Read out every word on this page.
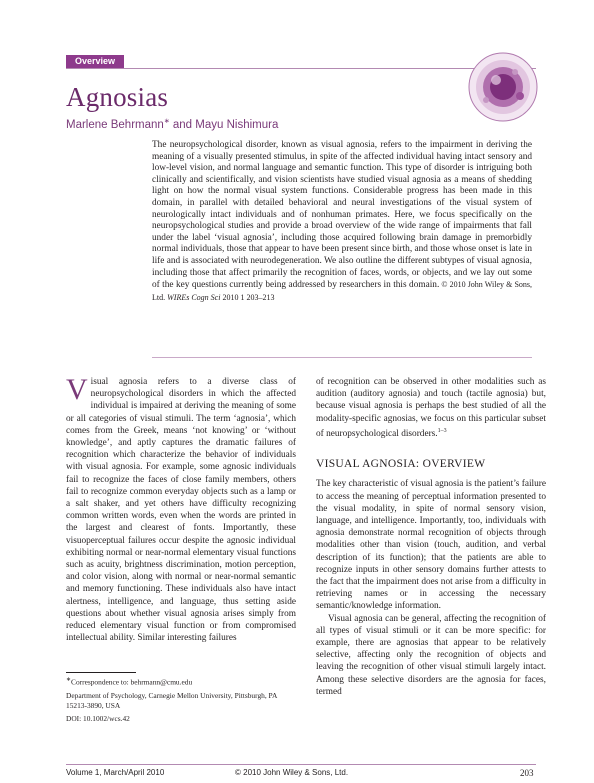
Overview
Agnosias
Marlene Behrmann∗ and Mayu Nishimura

The neuropsychological disorder, known as visual agnosia, refers to the impairment in deriving the meaning of a visually presented stimulus, in spite of the affected individual having intact sensory and low-level vision, and normal language and semantic function. This type of disorder is intriguing both clinically and scientifically, and vision scientists have studied visual agnosia as a means of shedding light on how the normal visual system functions. Considerable progress has been made in this domain, in parallel with detailed behavioral and neural investigations of the visual system of neurologically intact individuals and of nonhuman primates. Here, we focus specifically on the neuropsychological studies and provide a broad overview of the wide range of impairments that fall under the label ‘visual agnosia’, including those acquired following brain damage in premorbidly normal individuals, those that appear to have been present since birth, and those whose onset is late in life and is associated with neurodegeneration. We also outline the different subtypes of visual agnosia, including those that affect primarily the recognition of faces, words, or objects, and we lay out some of the key questions currently being addressed by researchers in this domain. © 2010 John Wiley & Sons, Ltd. WIREs Cogn Sci 2010 1 203–213

Visual agnosia refers to a diverse class of neuropsychological disorders in which the affected individual is impaired at deriving the meaning of some or all categories of visual stimuli. The term ‘agnosia’, which comes from the Greek, means ‘not knowing’ or ‘without knowledge’, and aptly captures the dramatic failures of recognition which characterize the behavior of individuals with visual agnosia. For example, some agnosic individuals fail to recognize the faces of close family members, others fail to recognize common everyday objects such as a lamp or a salt shaker, and yet others have difficulty recognizing common written words, even when the words are printed in the largest and clearest of fonts. Importantly, these visuoperceptual failures occur despite the agnosic individual exhibiting normal or near-normal elementary visual functions such as acuity, brightness discrimination, motion perception, and color vision, along with normal or near-normal semantic and memory functioning. These individuals also have intact alertness, intelligence, and language, thus setting aside questions about whether visual agnosia arises simply from reduced elementary visual function or from compromised intellectual ability. Similar interesting failures

of recognition can be observed in other modalities such as audition (auditory agnosia) and touch (tactile agnosia) but, because visual agnosia is perhaps the best studied of all the modality-specific agnosias, we focus on this particular subset of neuropsychological disorders.$^{1-3}$

VISUAL AGNOSIA: OVERVIEW

The key characteristic of visual agnosia is the patient’s failure to access the meaning of perceptual information presented to the visual modality, in spite of normal sensory vision, language, and intelligence. Importantly, too, individuals with agnosia demonstrate normal recognition of objects through modalities other than vision (touch, audition, and verbal description of its function); that the patients are able to recognize inputs in other sensory domains further attests to the fact that the impairment does not arise from a difficulty in retrieving names or in accessing the necessary semantic/knowledge information.

Visual agnosia can be general, affecting the recognition of all types of visual stimuli or it can be more specific: for example, there are agnosias that appear to be relatively selective, affecting only the recognition of objects and leaving the recognition of other visual stimuli largely intact. Among these selective disorders are the agnosia for faces, termed

∗Correspondence to: behrmann@cmu.edu

Department of Psychology, Carnegie Mellon University, Pittsburgh, PA 15213-3890, USA

DOI: 10.1002/wcs.42

Volume 1, March/April 2010	© 2010 John Wiley & Sons, Ltd.	203
